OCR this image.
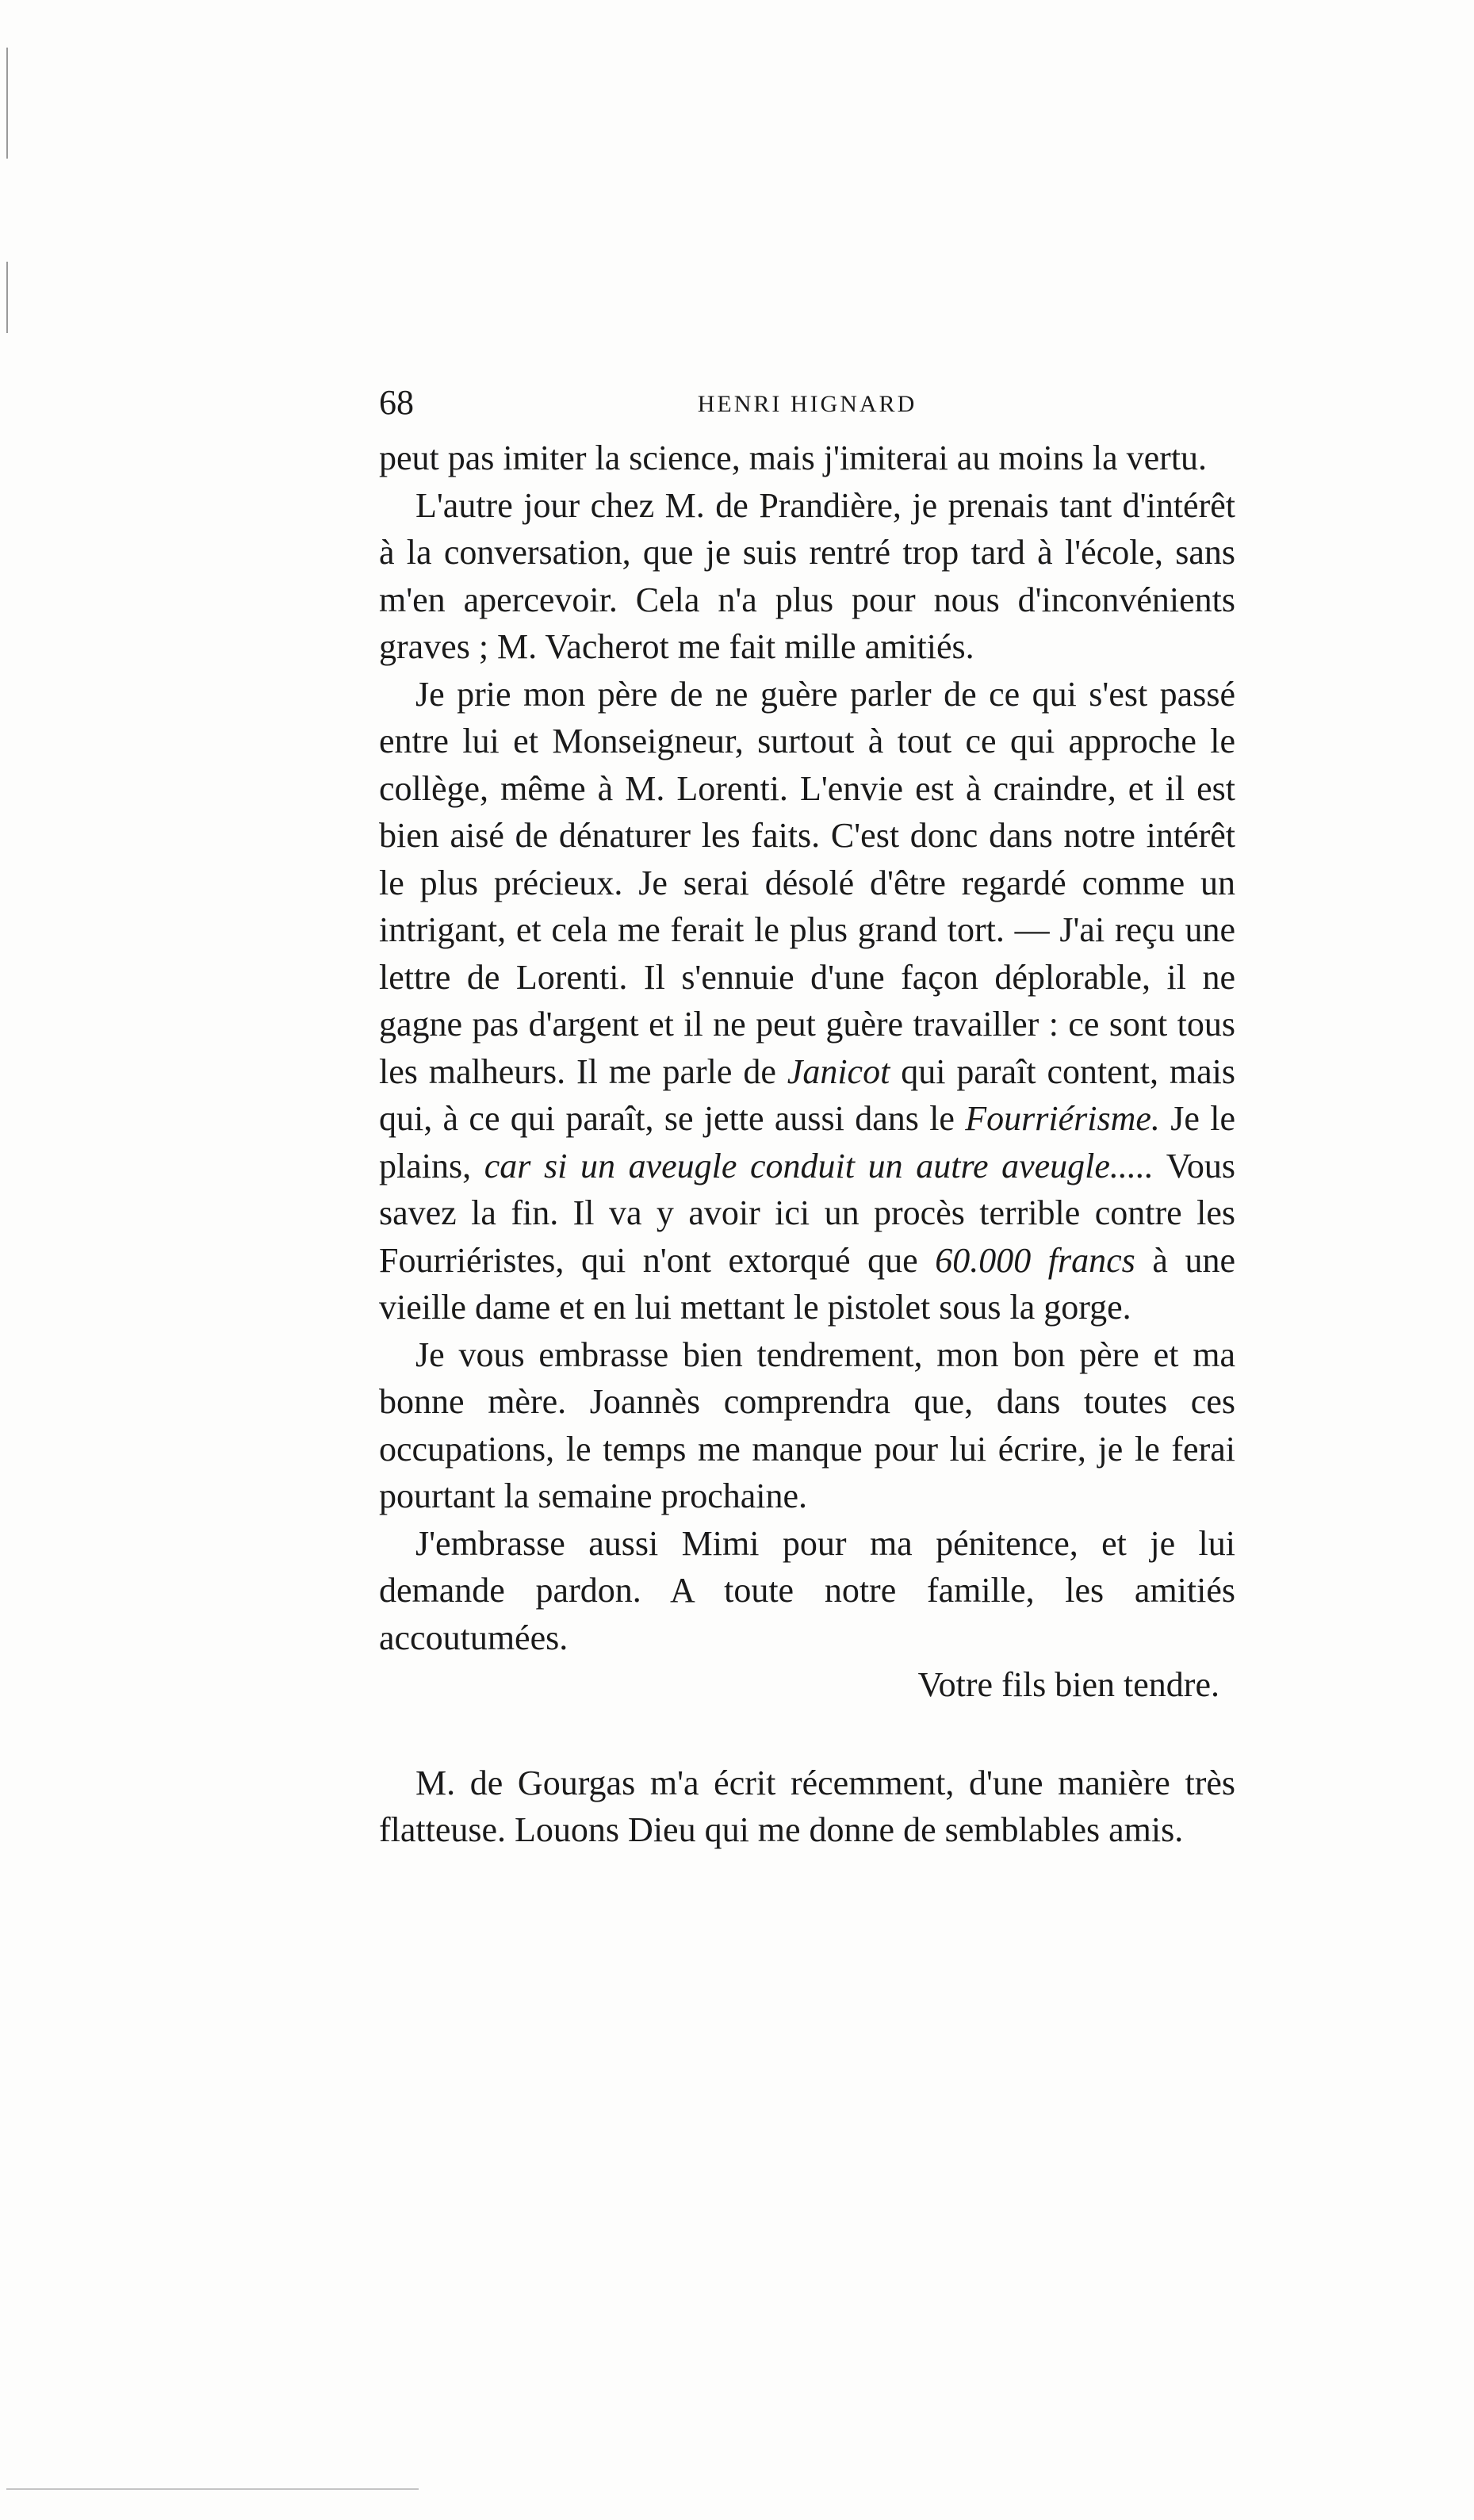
68	HENRI HIGNARD

peut pas imiter la science, mais j'imiterai au moins la vertu.

L'autre jour chez M. de Prandière, je prenais tant d'intérêt à la conversation, que je suis rentré trop tard à l'école, sans m'en apercevoir. Cela n'a plus pour nous d'inconvénients graves ; M. Vacherot me fait mille amitiés.

Je prie mon père de ne guère parler de ce qui s'est passé entre lui et Monseigneur, surtout à tout ce qui approche le collège, même à M. Lorenti. L'envie est à craindre, et il est bien aisé de dénaturer les faits. C'est donc dans notre intérêt le plus précieux. Je serai désolé d'être regardé comme un intrigant, et cela me ferait le plus grand tort. — J'ai reçu une lettre de Lorenti. Il s'ennuie d'une façon déplorable, il ne gagne pas d'argent et il ne peut guère travailler : ce sont tous les malheurs. Il me parle de Janicot qui paraît content, mais qui, à ce qui paraît, se jette aussi dans le Fourriérisme. Je le plains, car si un aveugle conduit un autre aveugle..... Vous savez la fin. Il va y avoir ici un procès terrible contre les Fourriéristes, qui n'ont extorqué que 60.000 francs à une vieille dame et en lui mettant le pistolet sous la gorge.

Je vous embrasse bien tendrement, mon bon père et ma bonne mère. Joannès comprendra que, dans toutes ces occupations, le temps me manque pour lui écrire, je le ferai pourtant la semaine prochaine.

J'embrasse aussi Mimi pour ma pénitence, et je lui demande pardon. A toute notre famille, les amitiés accoutumées.

Votre fils bien tendre.

M. de Gourgas m'a écrit récemment, d'une manière très flatteuse. Louons Dieu qui me donne de semblables amis.
